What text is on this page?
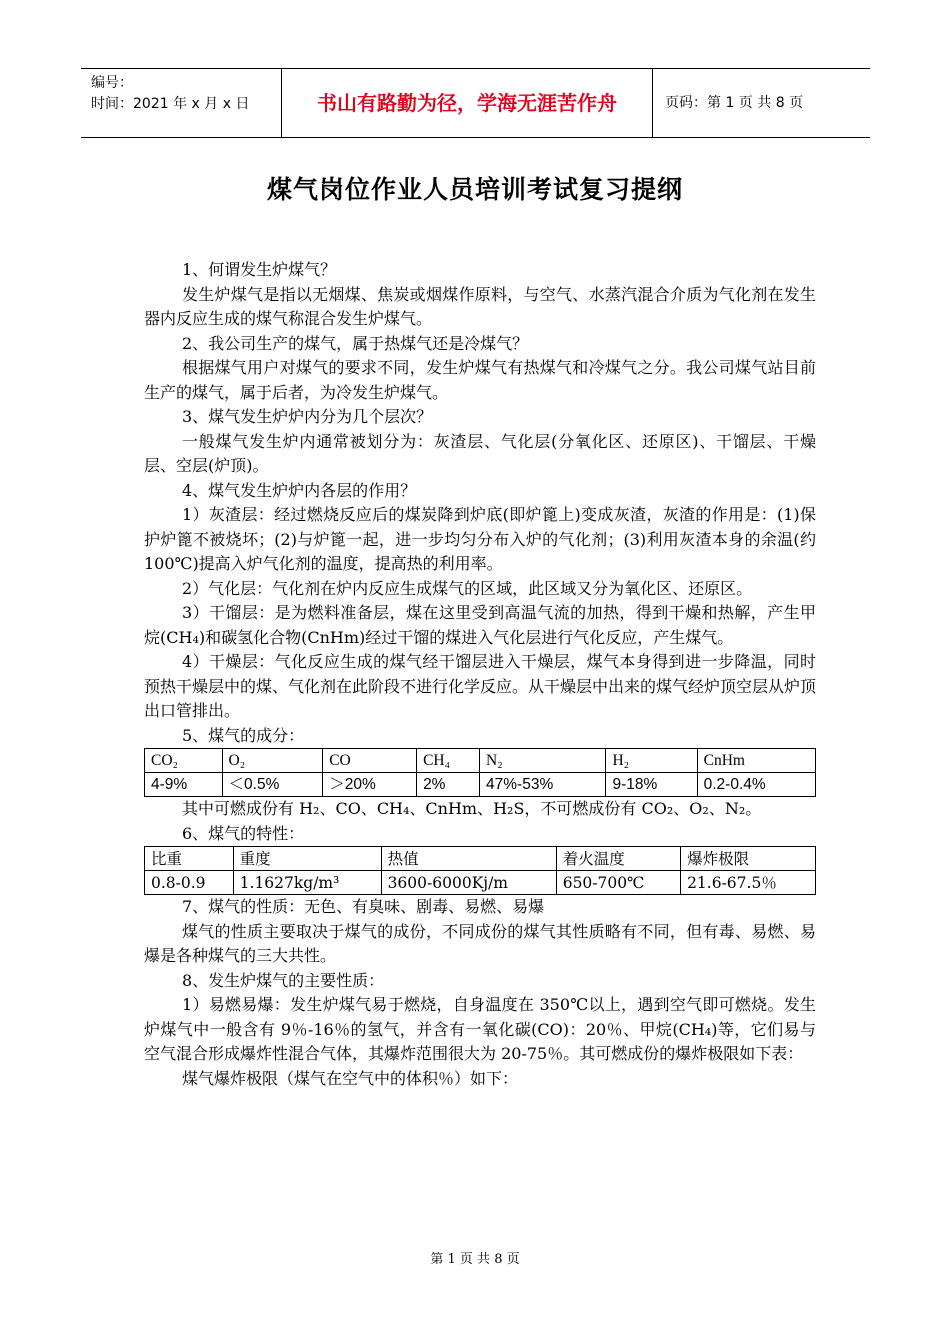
编号：
时间：2021 年 x 月 x 日	书山有路勤为径，学海无涯苦作舟	页码：第 1 页 共 8 页
煤气岗位作业人员培训考试复习提纲

1、何谓发生炉煤气？

发生炉煤气是指以无烟煤、焦炭或烟煤作原料，与空气、水蒸汽混合介质为气化剂在发生器内反应生成的煤气称混合发生炉煤气。

2、我公司生产的煤气，属于热煤气还是冷煤气？

根据煤气用户对煤气的要求不同，发生炉煤气有热煤气和冷煤气之分。我公司煤气站目前生产的煤气，属于后者，为冷发生炉煤气。

3、煤气发生炉炉内分为几个层次？

一般煤气发生炉内通常被划分为：灰渣层、气化层(分氧化区、还原区)、干馏层、干燥层、空层(炉顶)。

4、煤气发生炉炉内各层的作用？

1）灰渣层：经过燃烧反应后的煤炭降到炉底(即炉篦上)变成灰渣，灰渣的作用是：(1)保护炉篦不被烧坏；(2)与炉篦一起，进一步均匀分布入炉的气化剂；(3)利用灰渣本身的余温(约 100℃)提高入炉气化剂的温度，提高热的利用率。

2）气化层：气化剂在炉内反应生成煤气的区域，此区域又分为氧化区、还原区。

3）干馏层：是为燃料准备层，煤在这里受到高温气流的加热，得到干燥和热解，产生甲烷(CH₄)和碳氢化合物(CnHm)经过干馏的煤进入气化层进行气化反应，产生煤气。

4）干燥层：气化反应生成的煤气经干馏层进入干燥层，煤气本身得到进一步降温，同时预热干燥层中的煤、气化剂在此阶段不进行化学反应。从干燥层中出来的煤气经炉顶空层从炉顶出口管排出。

5、煤气的成分：

CO₂	O₂	CO	CH₄	N₂	H₂	CnHm
4-9%	＜0.5%	＞20%	2%	47%-53%	9-18%	0.2-0.4%

其中可燃成份有 H₂、CO、CH₄、CnHm、H₂S，不可燃成份有 CO₂、O₂、N₂。

6、煤气的特性：

比重	重度	热值	着火温度	爆炸极限
0.8-0.9	1.1627kg/m³	3600-6000Kj/m	650-700℃	21.6-67.5％

7、煤气的性质：无色、有臭味、剧毒、易燃、易爆

煤气的性质主要取决于煤气的成份，不同成份的煤气其性质略有不同，但有毒、易燃、易爆是各种煤气的三大共性。

8、发生炉煤气的主要性质：

1）易燃易爆：发生炉煤气易于燃烧，自身温度在 350℃以上，遇到空气即可燃烧。发生炉煤气中一般含有 9％-16％的氢气，并含有一氧化碳(CO)：20％、甲烷(CH₄)等，它们易与空气混合形成爆炸性混合气体，其爆炸范围很大为 20-75％。其可燃成份的爆炸极限如下表：

煤气爆炸极限（煤气在空气中的体积％）如下：

第 1 页 共 8 页
